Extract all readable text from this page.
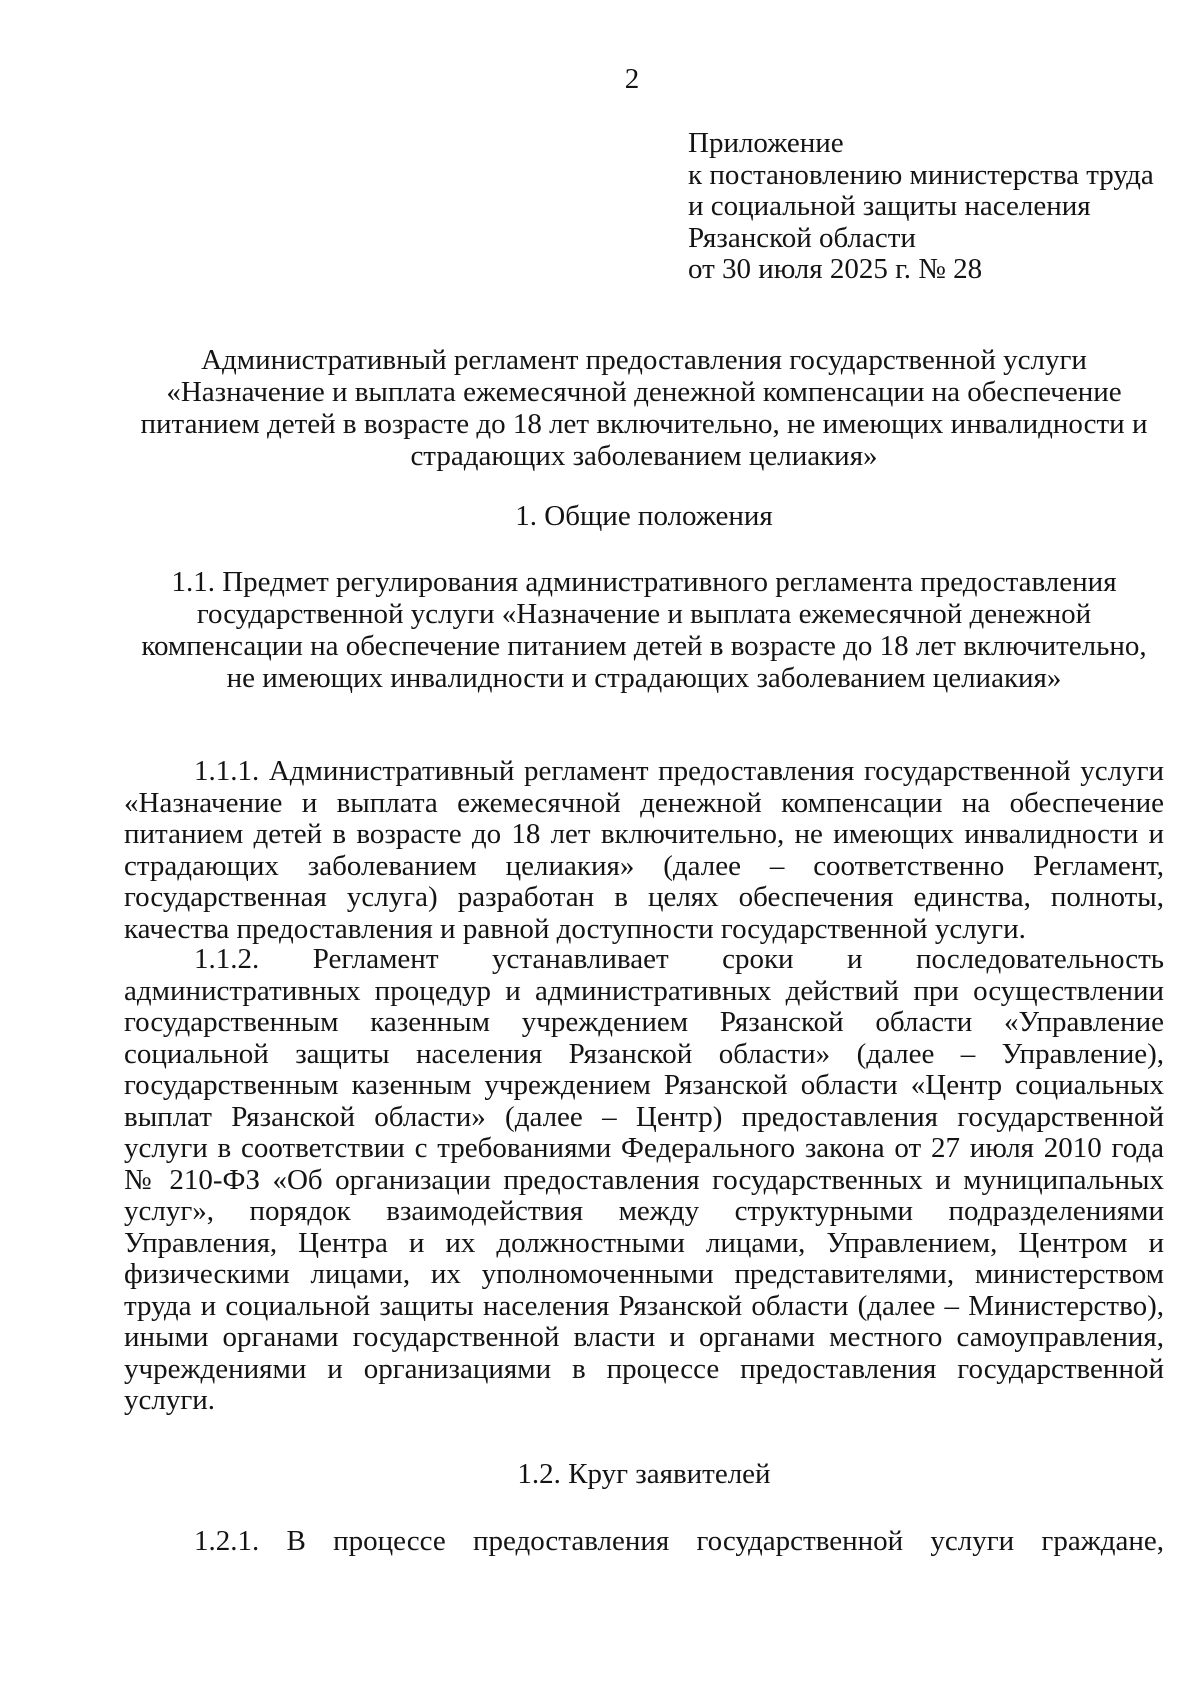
2
Приложение
к постановлению министерства труда
и социальной защиты населения
Рязанской области
от 30 июля 2025 г. № 28
Административный регламент предоставления государственной услуги «Назначение и выплата ежемесячной денежной компенсации на обеспечение питанием детей в возрасте до 18 лет включительно, не имеющих инвалидности и страдающих заболеванием целиакия»
1. Общие положения
1.1. Предмет регулирования административного регламента предоставления государственной услуги «Назначение и выплата ежемесячной денежной компенсации на обеспечение питанием детей в возрасте до 18 лет включительно, не имеющих инвалидности и страдающих заболеванием целиакия»

1.1.1. Административный регламент предоставления государственной услуги «Назначение и выплата ежемесячной денежной компенсации на обеспечение питанием детей в возрасте до 18 лет включительно, не имеющих инвалидности и страдающих заболеванием целиакия» (далее – соответственно Регламент, государственная услуга) разработан в целях обеспечения единства, полноты, качества предоставления и равной доступности государственной услуги.

1.1.2. Регламент устанавливает сроки и последовательность административных процедур и административных действий при осуществлении государственным казенным учреждением Рязанской области «Управление социальной защиты населения Рязанской области» (далее – Управление), государственным казенным учреждением Рязанской области «Центр социальных выплат Рязанской области» (далее – Центр) предоставления государственной услуги в соответствии с требованиями Федерального закона от 27 июля 2010 года № 210-ФЗ «Об организации предоставления государственных и муниципальных услуг», порядок взаимодействия между структурными подразделениями Управления, Центра и их должностными лицами, Управлением, Центром и физическими лицами, их уполномоченными представителями, министерством труда и социальной защиты населения Рязанской области (далее – Министерство), иными органами государственной власти и органами местного самоуправления, учреждениями и организациями в процессе предоставления государственной услуги.

1.2. Круг заявителей

1.2.1. В процессе предоставления государственной услуги граждане,
